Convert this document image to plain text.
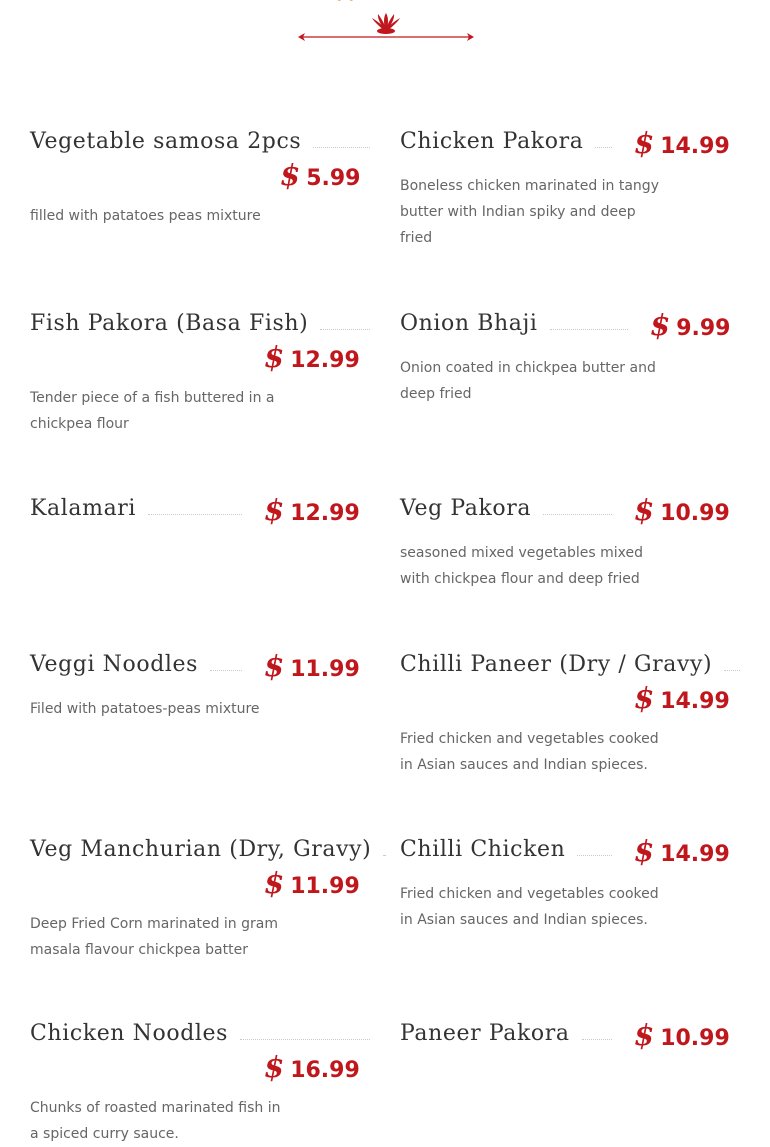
Vegetable samosa 2pcs
$ 5.99
filled with patatoes peas mixture
Fish Pakora (Basa Fish)
$ 12.99
Tender piece of a fish buttered in a chickpea flour
Kalamari	$ 12.99
Veggi Noodles $ 11.99
Filed with patatoes-peas mixture
Veg Manchurian (Dry, Gravy)
$ 11.99
Deep Fried Corn marinated in gram masala flavour chickpea batter
Chicken Noodles
$ 16.99
Chunks of roasted marinated fish in a spiced curry sauce.
Chicken Pakora $ 14.99
Boneless chicken marinated in tangy butter with Indian spiky and deep fried
Onion Bhaji	$ 9.99
Onion coated in chickpea butter and deep fried
Veg Pakora	$ 10.99
seasoned mixed vegetables mixed with chickpea flour and deep fried
Chilli Paneer (Dry / Gravy)
$ 14.99
Fried chicken and vegetables cooked in Asian sauces and Indian spieces.
Chilli Chicken $ 14.99
Fried chicken and vegetables cooked in Asian sauces and Indian spieces.
Paneer Pakora $ 10.99
